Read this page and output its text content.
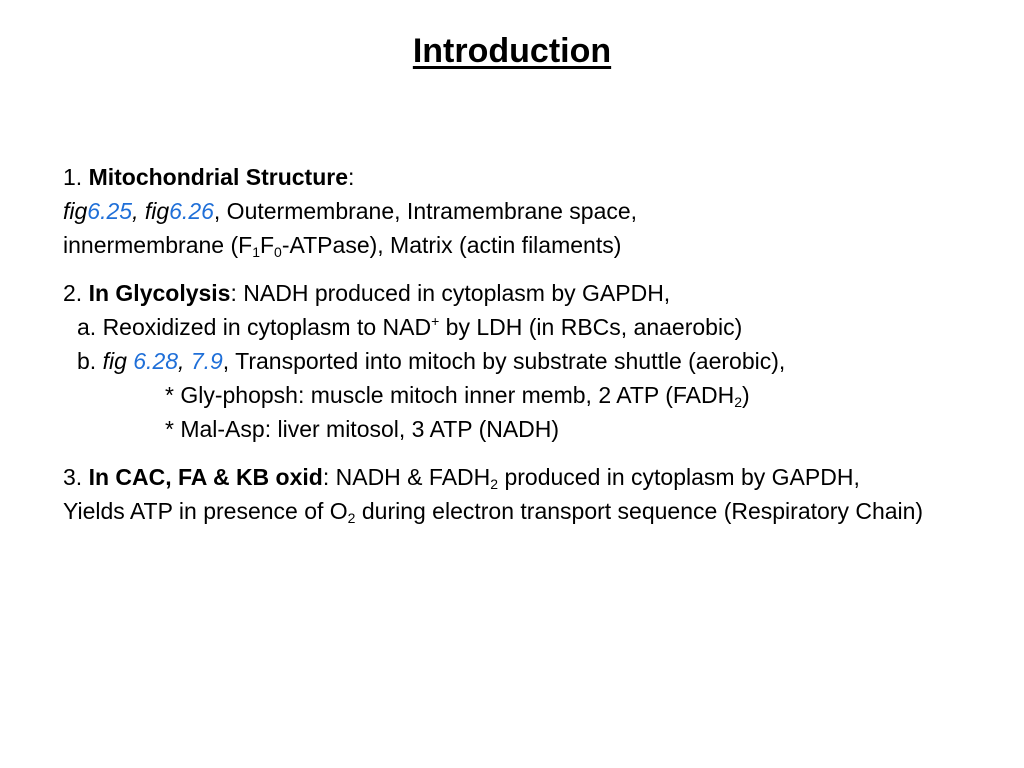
Introduction
1. Mitochondrial Structure:
fig6.25, fig6.26, Outermembrane, Intramembrane space,
innermembrane $(F_1F_0-ATPase)$, Matrix (actin filaments)
2. In Glycolysis: NADH produced in cytoplasm by GAPDH,
a. Reoxidized in cytoplasm to NAD+ by LDH (in RBCs, anaerobic)
b. fig 6.28, 7.9, Transported into mitoch by substrate shuttle (aerobic),
* Gly-phopsh: muscle mitoch inner memb, 2 ATP $(FADH_2)$
* Mal-Asp: liver mitosol, 3 ATP (NADH)
3. In CAC, FA & KB oxid: NADH & $FADH_2$ produced in cytoplasm by GAPDH,
Yields ATP in presence of $O_2$ during electron transport sequence (Respiratory Chain)
